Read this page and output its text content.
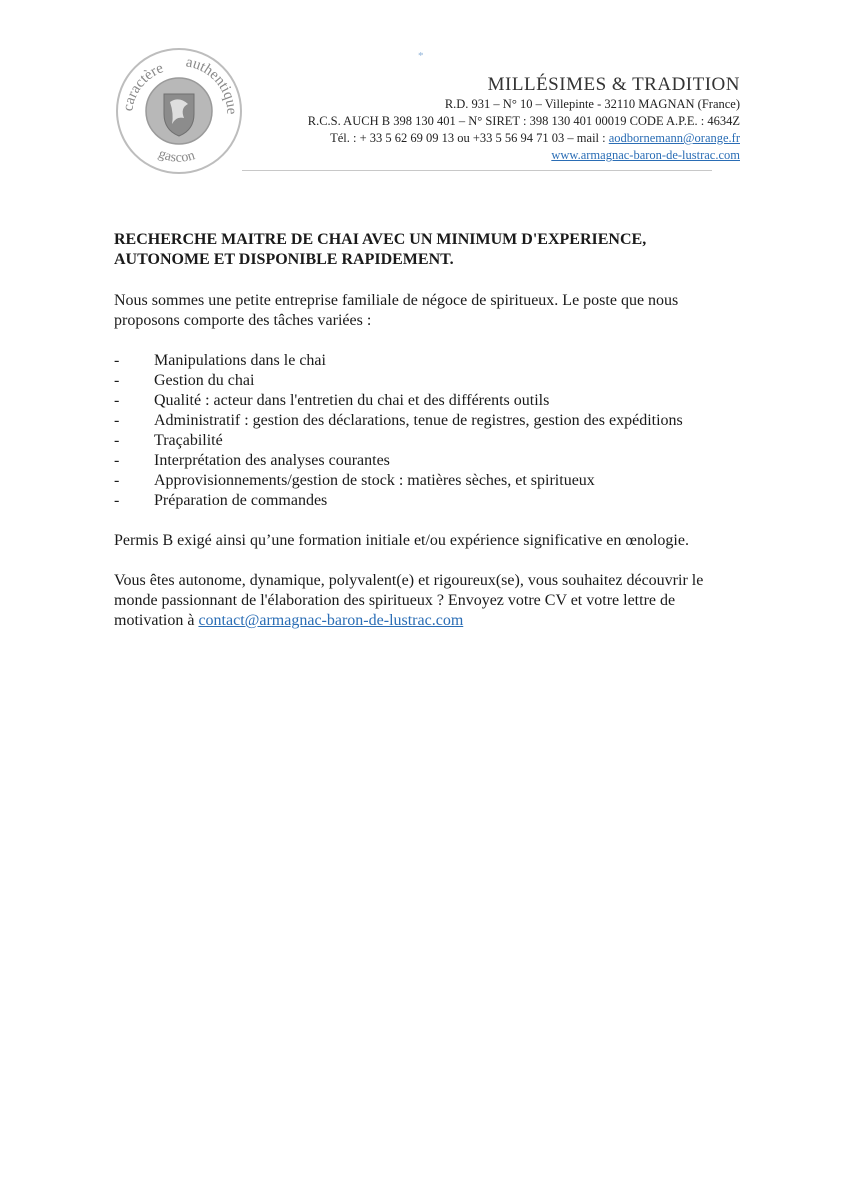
*
caractère authentique
gascon
MILLÉSIMES & TRADITION
R.D. 931 – N° 10 – Villepinte - 32110 MAGNAN (France)
R.C.S. AUCH B 398 130 401 – N° SIRET : 398 130 401 00019 CODE A.P.E. : 4634Z
Tél. : + 33 5 62 69 09 13 ou +33 5 56 94 71 03 – mail : aodbornemann@orange.fr
www.armagnac-baron-de-lustrac.com
RECHERCHE MAITRE DE CHAI AVEC UN MINIMUM D'EXPERIENCE,
AUTONOME ET DISPONIBLE RAPIDEMENT.

Nous sommes une petite entreprise familiale de négoce de spiritueux. Le poste que nous proposons comporte des tâches variées :

- Manipulations dans le chai
- Gestion du chai
- Qualité : acteur dans l'entretien du chai et des différents outils
- Administratif : gestion des déclarations, tenue de registres, gestion des expéditions
- Traçabilité
- Interprétation des analyses courantes
- Approvisionnements/gestion de stock : matières sèches, et spiritueux
- Préparation de commandes

Permis B exigé ainsi qu’une formation initiale et/ou expérience significative en œnologie.

Vous êtes autonome, dynamique, polyvalent(e) et rigoureux(se), vous souhaitez découvrir le monde passionnant de l'élaboration des spiritueux ? Envoyez votre CV et votre lettre de motivation à contact@armagnac-baron-de-lustrac.com
